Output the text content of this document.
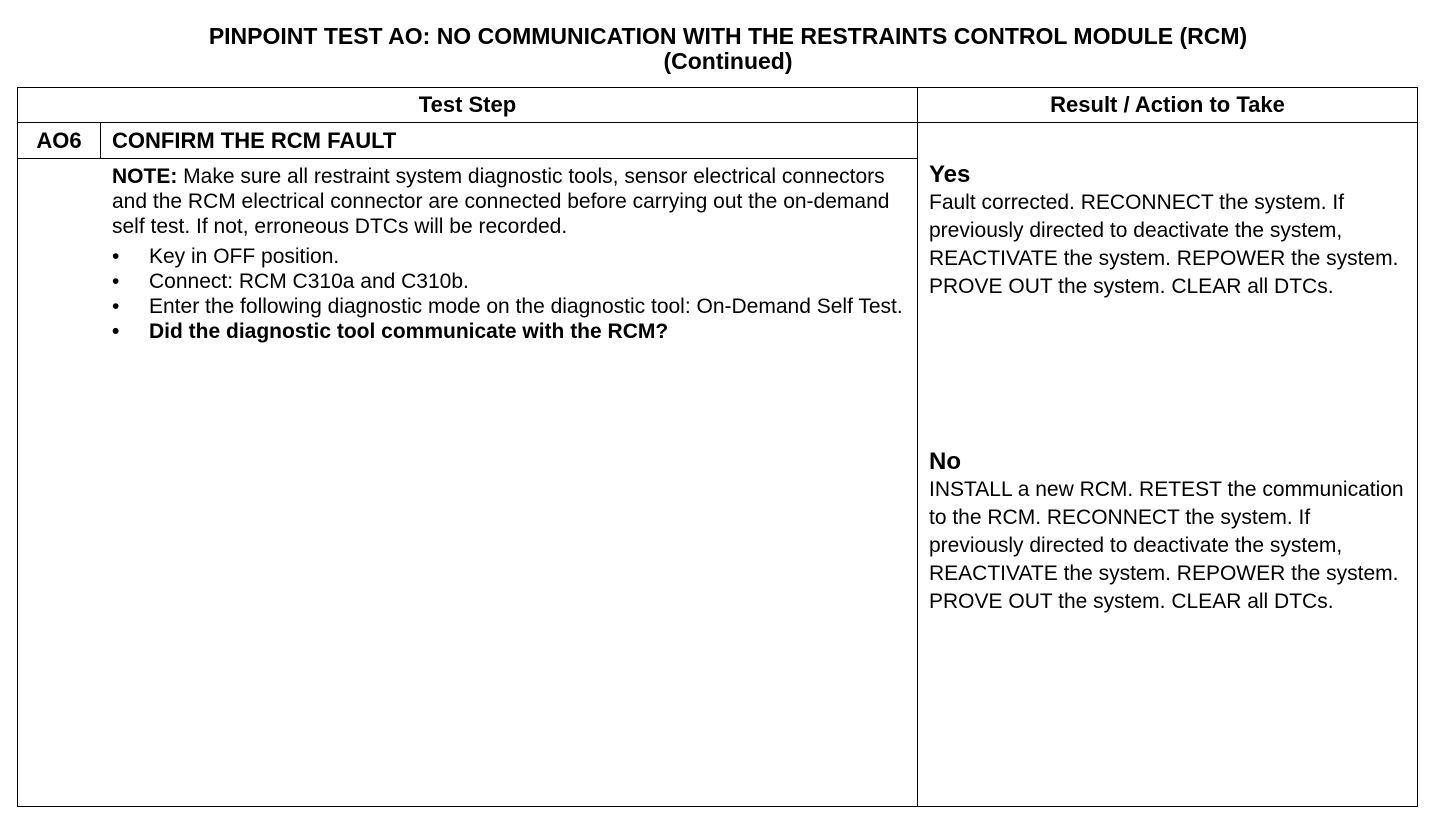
PINPOINT TEST AO: NO COMMUNICATION WITH THE RESTRAINTS CONTROL MODULE (RCM)
(Continued)
Test Step	Result / Action to Take
AO6	CONFIRM THE RCM FAULT
NOTE: Make sure all restraint system diagnostic tools, sensor electrical connectors and the RCM electrical connector are connected before carrying out the on-demand self test. If not, erroneous DTCs will be recorded.
• Key in OFF position.
• Connect: RCM C310a and C310b.
• Enter the following diagnostic mode on the diagnostic tool: On-Demand Self Test.
• Did the diagnostic tool communicate with the RCM?
Yes
Fault corrected. RECONNECT the system. If previously directed to deactivate the system, REACTIVATE the system. REPOWER the system. PROVE OUT the system. CLEAR all DTCs.
No
INSTALL a new RCM. RETEST the communication to the RCM. RECONNECT the system. If previously directed to deactivate the system, REACTIVATE the system. REPOWER the system. PROVE OUT the system. CLEAR all DTCs.
